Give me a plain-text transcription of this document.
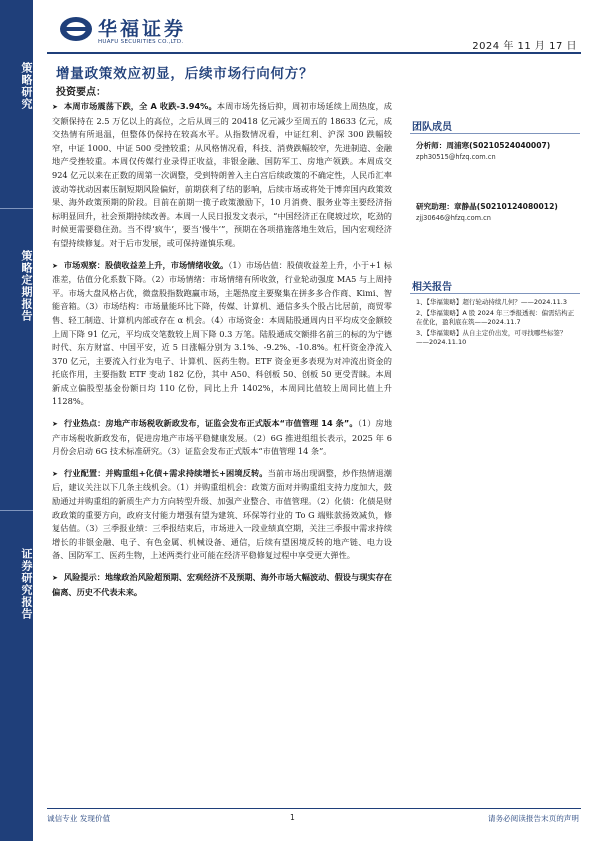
策略研究
策略定期报告
证券研究报告
华福证券
HUAFU SECURITIES CO.,LTD.	2024 年 11 月 17 日
增量政策效应初显，后续市场行向何方？
投资要点：

➤ 本周市场震荡下跌，全 A 收跌-3.94%。本周市场先扬后抑，周初市场延续上周热度，成交额保持在 2.5 万亿以上的高位，之后从周三的 20418 亿元减少至周五的 18633 亿元，成交热情有所退温，但整体仍保持在较高水平。从指数情况看，中证红利、沪深 300 跌幅较窄，中证 1000、中证 500 受挫较重；从风格情况看，科技、消费跌幅较窄，先进制造、金融地产受挫较重。本周仅传媒行业录得正收益，非银金融、国防军工、房地产领跌。本周成交 924 亿元以来在正数的周第一次调整，受到特朗普入主白宫后续政策的不确定性，人民币汇率波动等扰动因素压制短期风险偏好，前期获利了结的影响，后续市场或将处于博弈国内政策效果、海外政策预期的阶段。目前在前期一揽子政策激励下，10 月消费、服务业等主要经济指标明显回升，社会预期持续改善。本周一人民日报发文表示，“中国经济正在爬坡过坎，吃劲的时候更需要稳住劲。当不得‘疯牛’，要当‘慢牛’”，预期在各项措施落地生效后，国内宏观经济有望持续修复。对于后市发展，或可保持谨慎乐观。

➤ 市场观察：股债收益差上升，市场情绪收敛。（1）市场估值：股债收益差上升，小于+1 标准差，估值分化系数下降。（2）市场情绪：市场情绪有所收敛，行业轮动强度 MA5 与上周持平。市场大盘风格占优，微盘股指数跑赢市场，主题热度主要聚集在拼多多合作商、Kimi、智能音箱。（3）市场结构：市场量能环比下降，传媒、计算机、通信多头个股占比居前，商贸零售、轻工制造、计算机内部或存在 α 机会。（4）市场资金：本周陆股通周内日平均成交金额较上周下降 91 亿元，平均成交笔数较上周下降 0.3 万笔。陆股通成交额排名前三的标的为宁德时代、东方财富、中国平安，近 5 日涨幅分别为 3.1%、-9.2%、-10.8%。杠杆资金净流入 370 亿元，主要流入行业为电子、计算机、医药生物。ETF 资金更多表现为对冲流出资金的托底作用，主要指数 ETF 变动 182 亿份，其中 A50、科创板 50、创板 50 更受青睐。本周新成立偏股型基金份额日均 110 亿份，同比上升 1402%，本周同比值较上周同比值上升 1128%。

➤ 行业热点：房地产市场税收新政发布，证监会发布正式版本“市值管理 14 条”。（1）房地产市场税收新政发布，促进房地产市场平稳健康发展。（2）6G 推进组组长表示，2025 年 6 月份会启动 6G 技术标准研究。（3）证监会发布正式版本“市值管理 14 条”。

➤ 行业配置：并购重组+化债+需求持续增长+困境反转。当前市场出现调整，炒作热情退潮后，建议关注以下几条主线机会。（1）并购重组机会：政策方面对并购重组支持力度加大，鼓励通过并购重组的新质生产力方向转型升级、加强产业整合、市值管理。（2）化债：化债是财政政策的重要方向，政府支付能力增强有望为建筑、环保等行业的 To G 端账款扬效减负，修复估值。（3）三季报业绩：三季报结束后，市场进入一段业绩真空期，关注三季报中需求持续增长的非银金融、电子、有色金属、机械设备、通信，后续有望困境反转的地产链、电力设备、国防军工、医药生物，上述两类行业可能在经济平稳修复过程中享受更大弹性。

➤ 风险提示：地缘政治风险超预期、宏观经济不及预期、海外市场大幅波动、假设与现实存在偏离、历史不代表未来。

团队成员
分析师：周浦寒(S0210524040007)
zph30515@hfzq.com.cn
研究助理：章静晶(S0210124080012)
zjj30646@hfzq.com.cn
相关报告

1、【华福策略】超行轮动持续几何？——2024.11.3

2、【华福策略】A 股 2024 年三季报透视：偏需结构正在优化，盈利底在筑——2024.11.7

3、【华福策略】从自主定价出发，可寻找哪些标签？——2024.11.10

诚信专业 发现价值	1	请务必阅读报告末页的声明
